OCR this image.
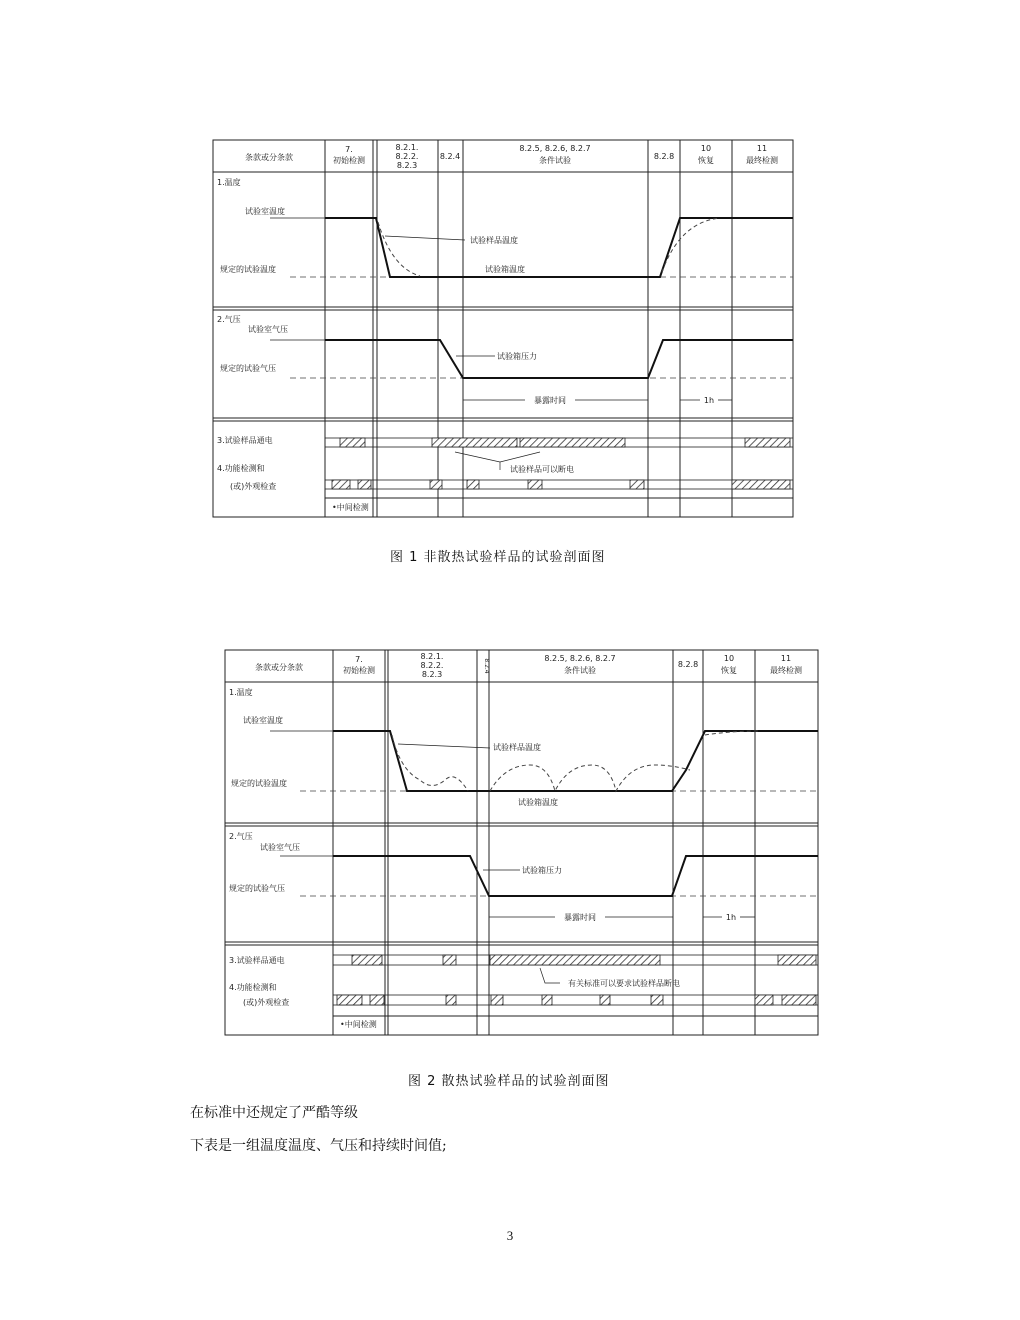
条款或分条款
7.
初始检测
8.2.1.
8.2.2.
8.2.3
8.2.4
8.2.5, 8.2.6, 8.2.7
条件试验	8.2.8
10
恢复
11
最终检测
1.温度
试验室温度
规定的试验温度
试验样品温度
试验箱温度
2.气压
试验室气压
规定的试验气压
试验箱压力
暴露时间	1h
3.试验样品通电
试验样品可以断电
4.功能检测和
(或)外观检查
•中间检测
条款或分条款
7.
初始检测
8.2.1.
8.2.2.
8.2.3
8.2.4	8.2.5, 8.2.6, 8.2.7
条件试验
8.2.8
10
恢复
11
最终检测
1.温度
试验室温度
规定的试验温度
试验样品温度
试验箱温度
2.气压
试验室气压
规定的试验气压
试验箱压力
暴露时间	1h
3.试验样品通电
有关标准可以要求试验样品断电
4.功能检测和
(或)外观检查
•中间检测
图 1 非散热试验样品的试验剖面图
图 2 散热试验样品的试验剖面图
在标准中还规定了严酷等级
下表是一组温度温度、气压和持续时间值;
3
